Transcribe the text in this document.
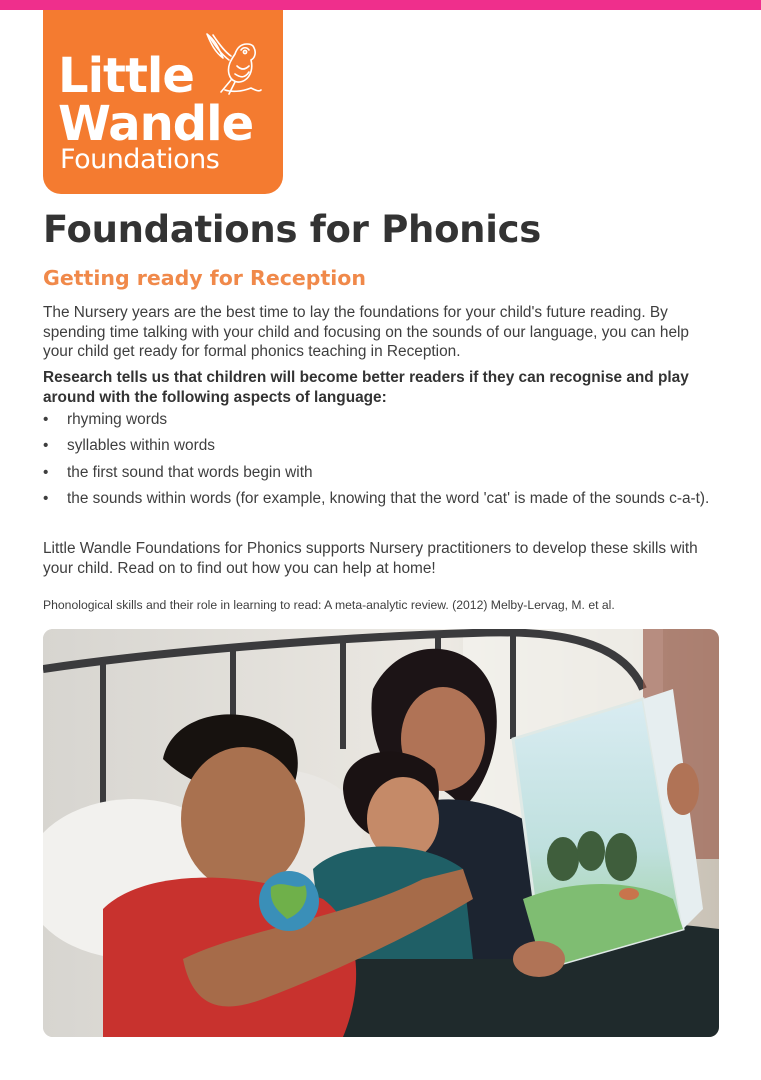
Little
Wandle
Foundations
Foundations for Phonics
Getting ready for Reception

The Nursery years are the best time to lay the foundations for your child's future reading. By spending time talking with your child and focusing on the sounds of our language, you can help your child get ready for formal phonics teaching in Reception.

Research tells us that children will become better readers if they can recognise and play around with the following aspects of language:

• rhyming words
• syllables within words
• the first sound that words begin with
• the sounds within words (for example, knowing that the word 'cat' is made of the sounds c-a-t).

Little Wandle Foundations for Phonics supports Nursery practitioners to develop these skills with your child. Read on to find out how you can help at home!

Phonological skills and their role in learning to read: A meta-analytic review. (2012) Melby-Lervag, M. et al.
